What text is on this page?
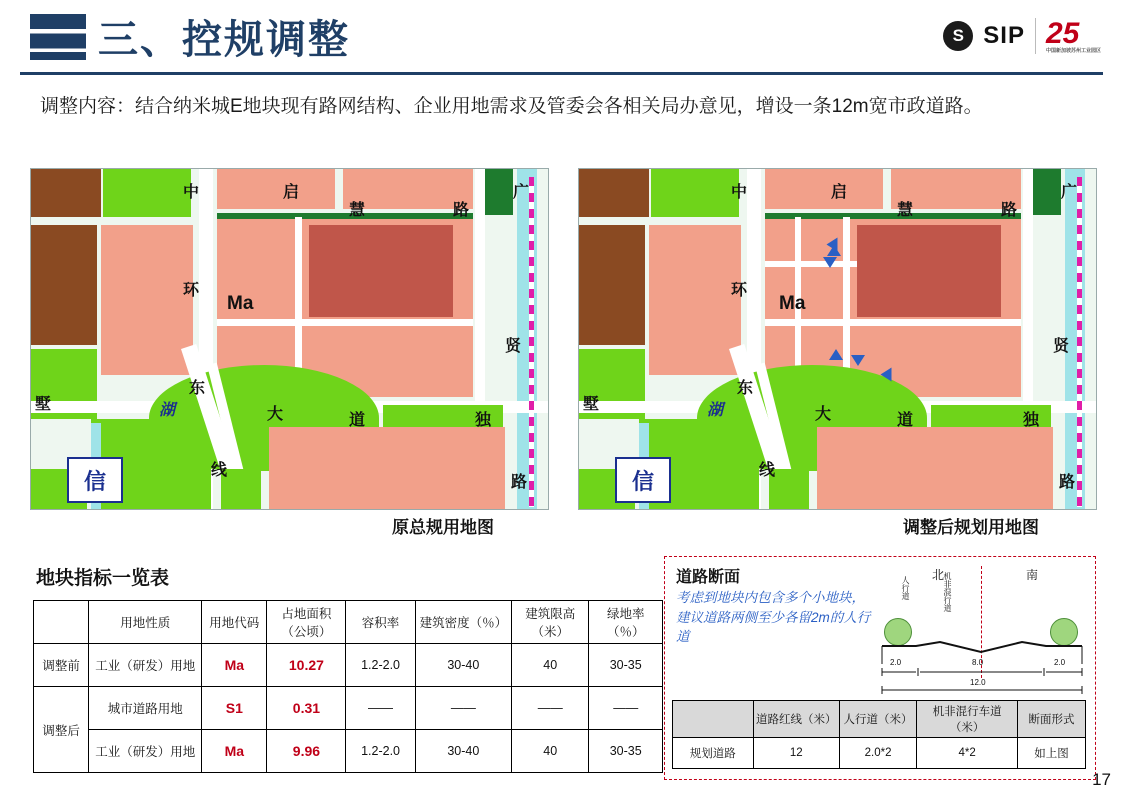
三、控规调整	S SIP 25
中国新加坡苏州工业园区
调整内容：结合纳米城E地块现有路网结构、企业用地需求及管委会各相关局办意见，增设一条12m宽市政道路。
中	启
慧	路
广
环
贤
东
湖	大	道	独
墅
路
线
Ma
信
原总规用地图
中	启
慧	路
广
环
贤
东
湖	大	道	独
墅
路
线
Ma
信
调整后规划用地图
地块指标一览表
	用地性质	用地代码	占地面积（公顷）	容积率	建筑密度（％）	建筑限高（米）	绿地率（％）
调整前	工业（研发）用地	Ma	10.27	1.2-2.0	30-40	40	30-35
调整后	城市道路用地	S1	0.31	——	——	——	——
	工业（研发）用地	Ma	9.96	1.2-2.0	30-40	40	30-35
道路断面
考虑到地块内包含多个小地块，建议道路两侧至少各留2m的人行道
北	南
人行道	机非混行道
2.0	8.0	2.0
12.0
	道路红线（米）	人行道（米）	机非混行车道（米）	断面形式
规划道路	12	2.0*2	4*2	如上图
17
